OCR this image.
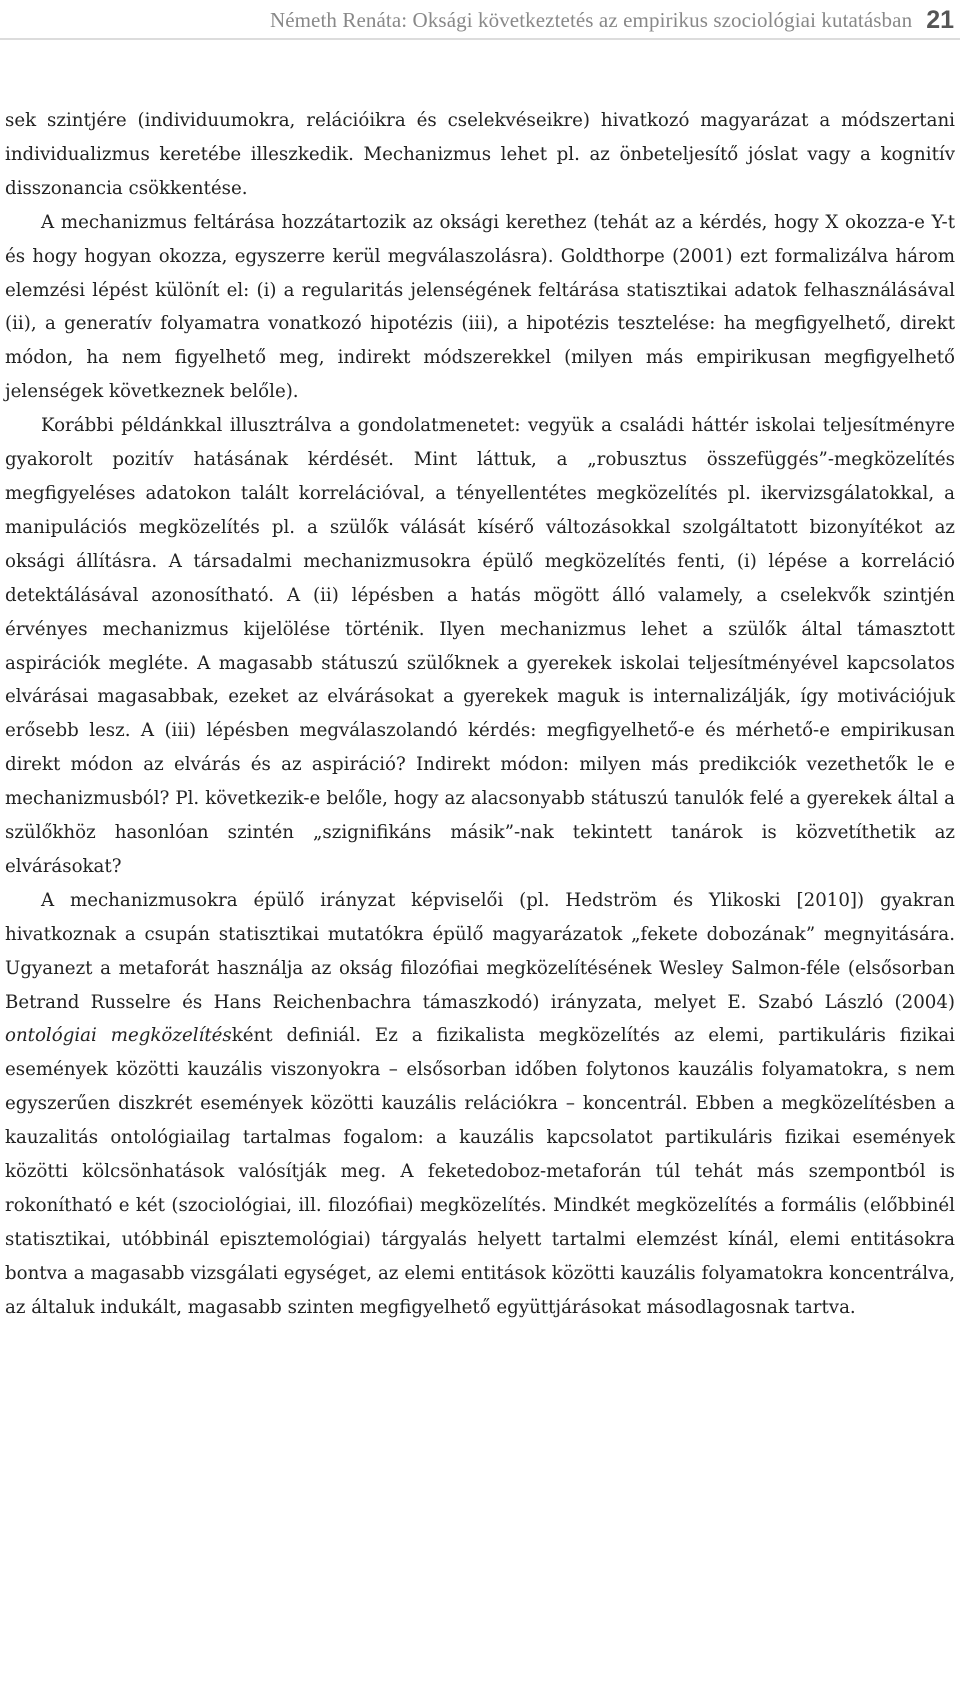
Németh Renáta: Oksági következtetés az empirikus szociológiai kutatásban 21

sek szintjére (individuumokra, relációikra és cselekvéseikre) hivatkozó magyarázat a módszertani individualizmus keretébe illeszkedik. Mechanizmus lehet pl. az önbeteljesítő jóslat vagy a kognitív disszonancia csökkentése.

A mechanizmus feltárása hozzátartozik az oksági kerethez (tehát az a kérdés, hogy X okozza-e Y-t és hogy hogyan okozza, egyszerre kerül megválaszolásra). Goldthorpe (2001) ezt formalizálva három elemzési lépést különít el: (i) a regularitás jelenségének feltárása statisztikai adatok felhasználásával (ii), a generatív folyamatra vonatkozó hipotézis (iii), a hipotézis tesztelése: ha megfigyelhető, direkt módon, ha nem figyelhető meg, indirekt módszerekkel (milyen más empirikusan megfigyelhető jelenségek következnek belőle).

Korábbi példánkkal illusztrálva a gondolatmenetet: vegyük a családi háttér iskolai teljesítményre gyakorolt pozitív hatásának kérdését. Mint láttuk, a „robusztus összefüggés”-megközelítés megfigyeléses adatokon talált korrelációval, a tényellentétes megközelítés pl. ikervizsgálatokkal, a manipulációs megközelítés pl. a szülők válását kísérő változásokkal szolgáltatott bizonyítékot az oksági állításra. A társadalmi mechanizmusokra épülő megközelítés fenti, (i) lépése a korreláció detektálásával azonosítható. A (ii) lépésben a hatás mögött álló valamely, a cselekvők szintjén érvényes mechanizmus kijelölése történik. Ilyen mechanizmus lehet a szülők által támasztott aspirációk megléte. A magasabb státuszú szülőknek a gyerekek iskolai teljesítményével kapcsolatos elvárásai magasabbak, ezeket az elvárásokat a gyerekek maguk is internalizálják, így motivációjuk erősebb lesz. A (iii) lépésben megválaszolandó kérdés: megfigyelhető-e és mérhető-e empirikusan direkt módon az elvárás és az aspiráció? Indirekt módon: milyen más predikciók vezethetők le e mechanizmusból? Pl. következik-e belőle, hogy az alacsonyabb státuszú tanulók felé a gyerekek által a szülőkhöz hasonlóan szintén „szignifikáns másik”-nak tekintett tanárok is közvetíthetik az elvárásokat?

A mechanizmusokra épülő irányzat képviselői (pl. Hedström és Ylikoski [2010]) gyakran hivatkoznak a csupán statisztikai mutatókra épülő magyarázatok „fekete dobozának” megnyitására. Ugyanezt a metaforát használja az okság filozófiai megközelítésének Wesley Salmon-féle (elsősorban Betrand Russelre és Hans Reichenbachra támaszkodó) irányzata, melyet E. Szabó László (2004) ontológiai megközelítésként definiál. Ez a fizikalista megközelítés az elemi, partikuláris fizikai események közötti kauzális viszonyokra – elsősorban időben folytonos kauzális folyamatokra, s nem egyszerűen diszkrét események közötti kauzális relációkra – koncentrál. Ebben a megközelítésben a kauzalitás ontológiailag tartalmas fogalom: a kauzális kapcsolatot partikuláris fizikai események közötti kölcsönhatások valósítják meg. A feketedoboz-metaforán túl tehát más szempontból is rokonítható e két (szociológiai, ill. filozófiai) megközelítés. Mindkét megközelítés a formális (előbbinél statisztikai, utóbbinál episztemológiai) tárgyalás helyett tartalmi elemzést kínál, elemi entitásokra bontva a magasabb vizsgálati egységet, az elemi entitások közötti kauzális folyamatokra koncentrálva, az általuk indukált, magasabb szinten megfigyelhető együttjárásokat másodlagosnak tartva.
